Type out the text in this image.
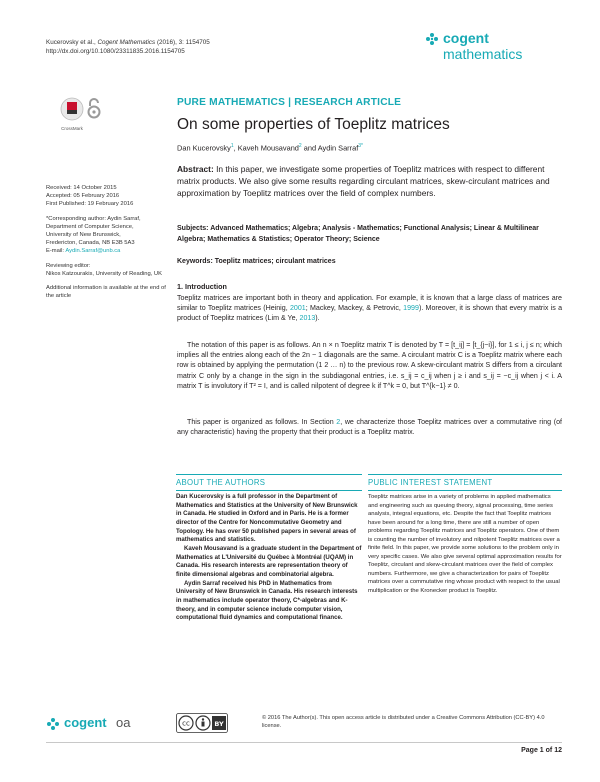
Kucerovsky et al., Cogent Mathematics (2016), 3: 1154705
http://dx.doi.org/10.1080/23311835.2016.1154705
cogent
mathematics
CrossMark
PURE MATHEMATICS | RESEARCH ARTICLE
On some properties of Toeplitz matrices
Dan Kucerovsky$^1$, Kaveh Mousavand$^2$ and Aydin Sarraf$^{3*}$
Abstract: In this paper, we investigate some properties of Toeplitz matrices with respect to different matrix products. We also give some results regarding circulant matrices, skew-circulant matrices and approximation by Toeplitz matrices over the field of complex numbers.
Subjects: Advanced Mathematics; Algebra; Analysis - Mathematics; Functional Analysis; Linear & Multilinear Algebra; Mathematics & Statistics; Operator Theory; Science
Keywords: Toeplitz matrices; circulant matrices

Received: 14 October 2015
Accepted: 05 February 2016
First Published: 19 February 2016

*Corresponding author: Aydin Sarraf,
Department of Computer Science,
University of New Brunswick,
Fredericton, Canada, NB E3B 5A3
E-mail: Aydin.Sarraf@unb.ca

Reviewing editor:
Nikos Katzourakis, University of Reading, UK

Additional information is available at the end of the article

1. Introduction
Toeplitz matrices are important both in theory and application. For example, it is known that a large class of matrices are similar to Toeplitz matrices (Heinig, 2001; Mackey, Mackey, & Petrovic, 1999). Moreover, it is shown that every matrix is a product of Toeplitz matrices (Lim & Ye, 2013).
The notation of this paper is as follows. An n × n Toeplitz matrix T is denoted by T = [t_ij] = [t_{j−i}], for 1 ≤ i, j ≤ n; which implies all the entries along each of the 2n − 1 diagonals are the same. A circulant matrix C is a Toeplitz matrix where each row is obtained by applying the permutation (1 2 … n) to the previous row. A skew-circulant matrix S differs from a circulant matrix C only by a change in the sign in the subdiagonal entries, i.e. s_ij = c_ij when j ≥ i and s_ij = −c_ij when j < i. A matrix T is involutory if T² = I, and is called nilpotent of degree k if T^k = 0, but T^{k−1} ≠ 0.
This paper is organized as follows. In Section 2, we characterize those Toeplitz matrices over a commutative ring (of any characteristic) having the property that their product is a Toeplitz matrix.
ABOUT THE AUTHORS
Dan Kucerovsky is a full professor in the Department of Mathematics and Statistics at the University of New Brunswick in Canada. He studied in Oxford and in Paris. He is a former director of the Centre for Noncommutative Geometry and Topology. He has over 50 published papers in several areas of mathematics and statistics.
Kaveh Mousavand is a graduate student in the Department of Mathematics at L'Université du Québec à Montréal (UQAM) in Canada. His research interests are representation theory of finite dimensional algebras and combinatorial algebra.
Aydin Sarraf received his PhD in Mathematics from University of New Brunswick in Canada. His research interests in mathematics include operator theory, C*-algebras and K-theory, and in computer science include computer vision, computational fluid dynamics and computational finance.
PUBLIC INTEREST STATEMENT
Toeplitz matrices arise in a variety of problems in applied mathematics and engineering such as queuing theory, signal processing, time series analysis, integral equations, etc. Despite the fact that Toeplitz matrices have been around for a long time, there are still a number of open problems regarding Toeplitz matrices and Toeplitz operators. One of them is counting the number of involutory and nilpotent Toeplitz matrices over a finite field. In this paper, we provide some solutions to the problem only in very specific cases. We also give several optimal approximation results for Toeplitz, circulant and skew-circulant matrices over the field of complex numbers. Furthermore, we give a characterization for pairs of Toeplitz matrices over a commutative ring whose product with respect to the usual multiplication or the Kronecker product is Toeplitz.
cogent oa	cc	BY
© 2016 The Author(s). This open access article is distributed under a Creative Commons Attribution (CC-BY) 4.0 license.
Page 1 of 12
